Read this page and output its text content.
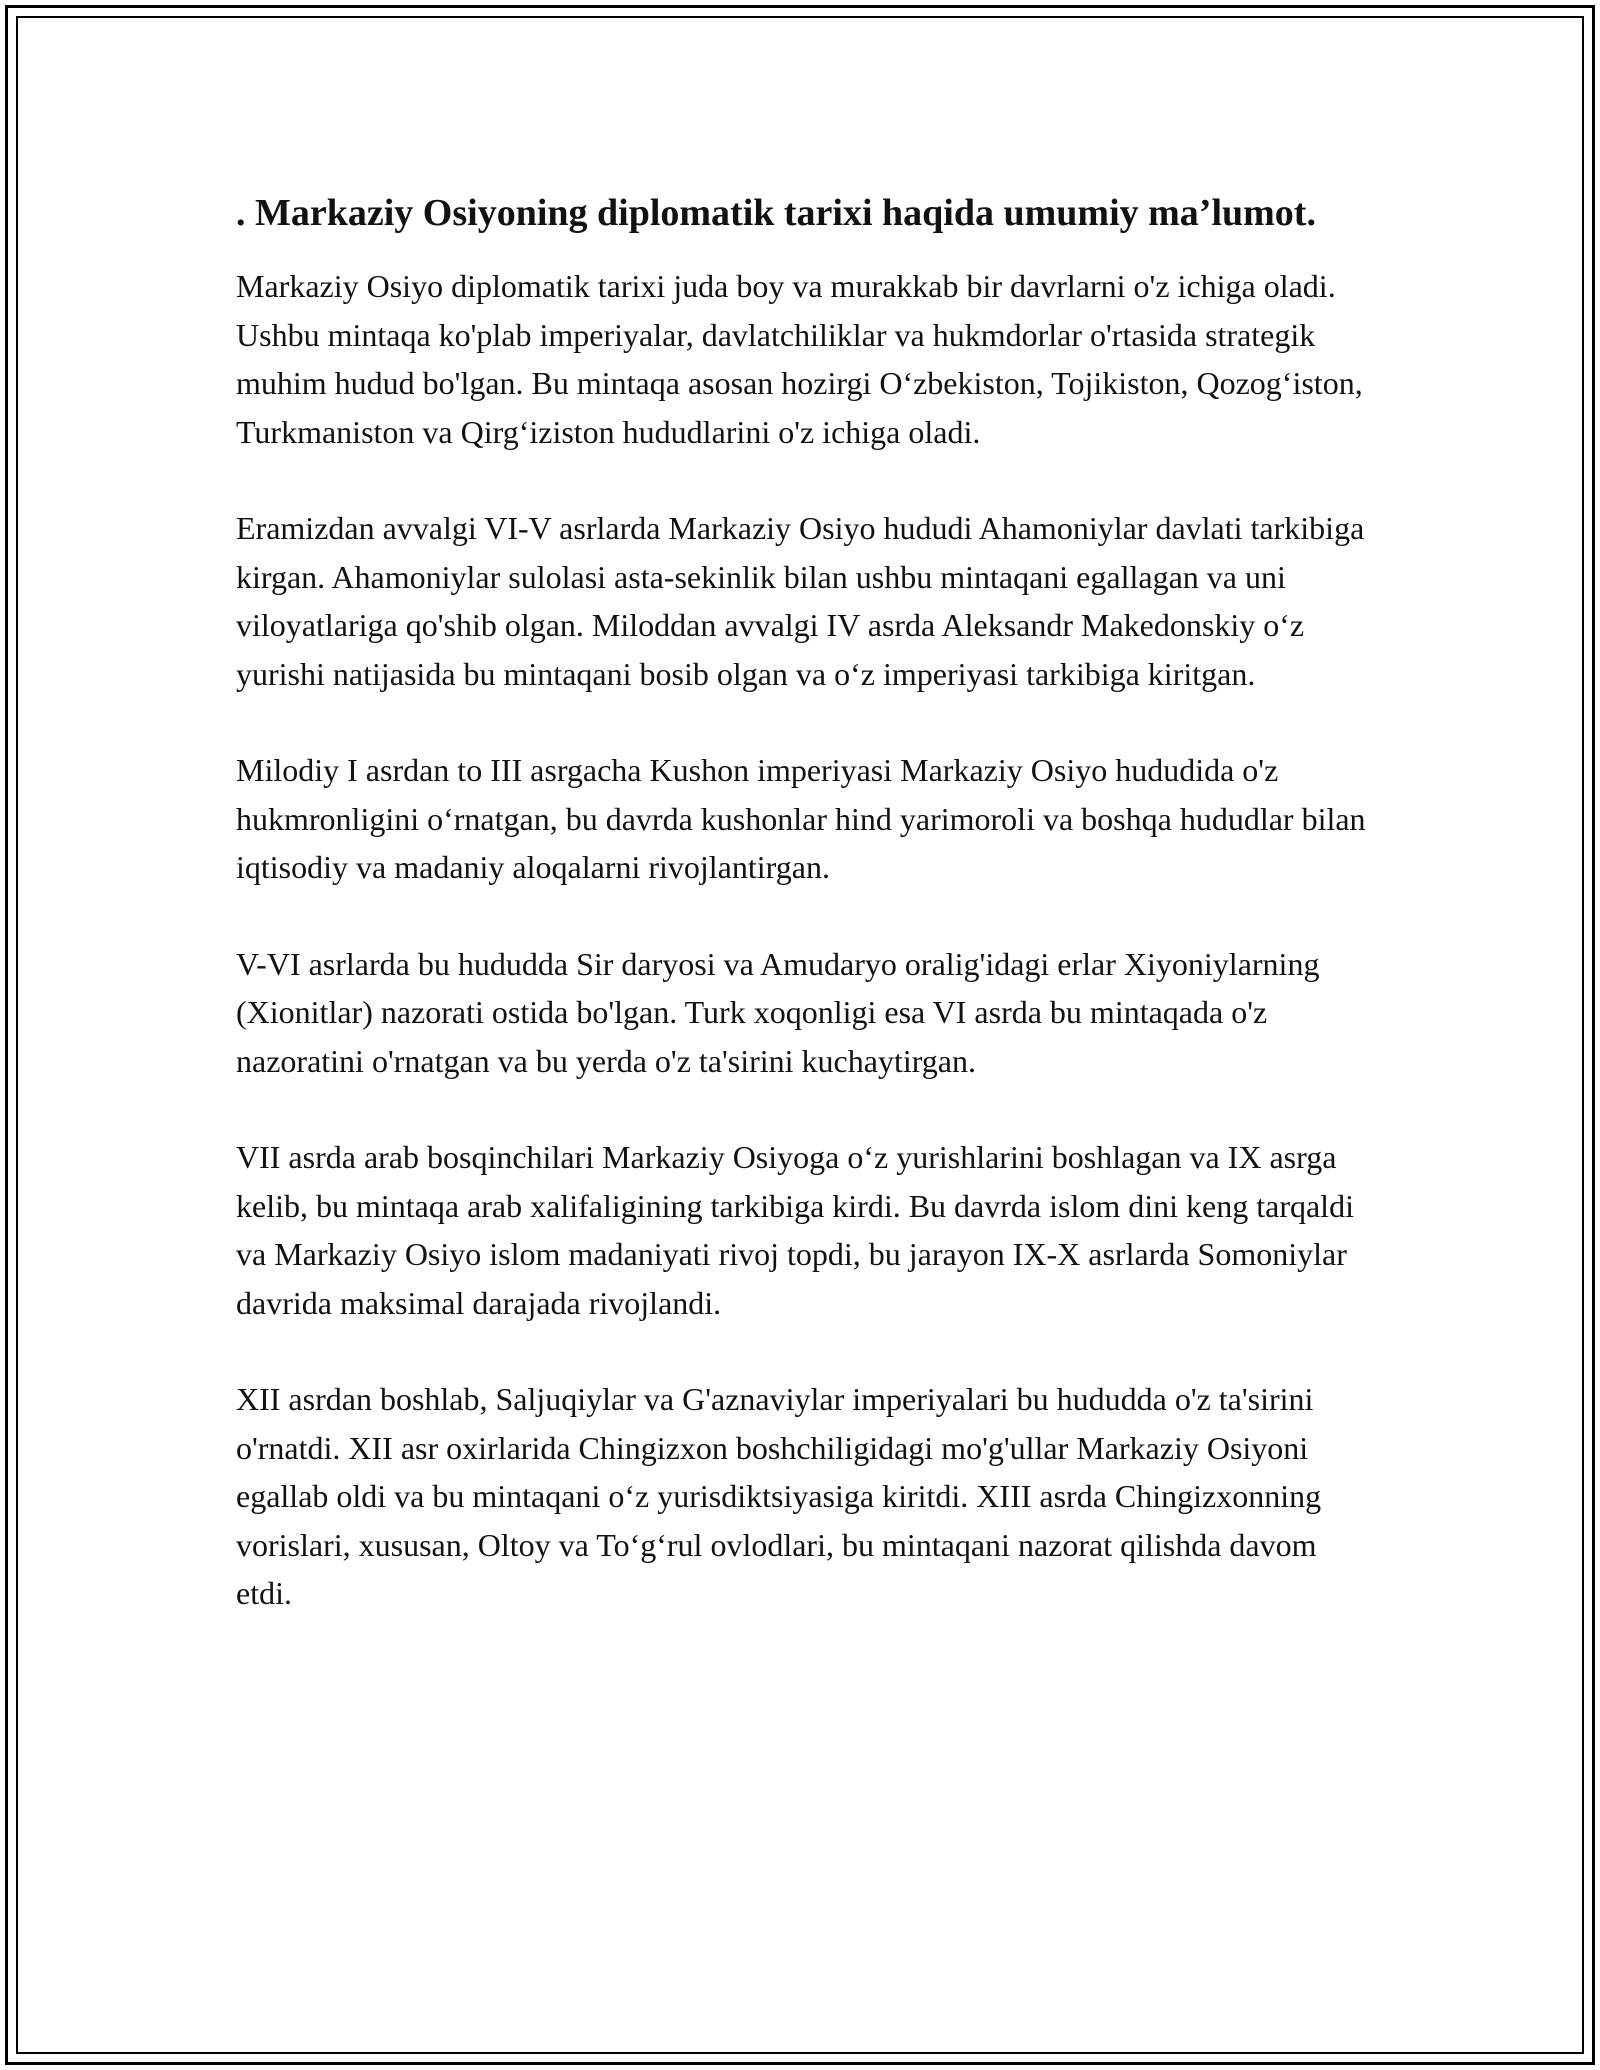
. Markaziy Osiyoning diplomatik tarixi haqida umumiy ma’lumot.

Markaziy Osiyo diplomatik tarixi juda boy va murakkab bir davrlarni o'z ichiga oladi. Ushbu mintaqa ko'plab imperiyalar, davlatchiliklar va hukmdorlar o'rtasida strategik muhim hudud bo'lgan. Bu mintaqa asosan hozirgi O‘zbekiston, Tojikiston, Qozog‘iston, Turkmaniston va Qirg‘iziston hududlarini o'z ichiga oladi.

Eramizdan avvalgi VI-V asrlarda Markaziy Osiyo hududi Ahamoniylar davlati tarkibiga kirgan. Ahamoniylar sulolasi asta-sekinlik bilan ushbu mintaqani egallagan va uni viloyatlariga qo'shib olgan. Miloddan avvalgi IV asrda Aleksandr Makedonskiy o‘z yurishi natijasida bu mintaqani bosib olgan va o‘z imperiyasi tarkibiga kiritgan.

Milodiy I asrdan to III asrgacha Kushon imperiyasi Markaziy Osiyo hududida o'z hukmronligini o‘rnatgan, bu davrda kushonlar hind yarimoroli va boshqa hududlar bilan iqtisodiy va madaniy aloqalarni rivojlantirgan.

V-VI asrlarda bu hududda Sir daryosi va Amudaryo oralig'idagi erlar Xiyoniylarning (Xionitlar) nazorati ostida bo'lgan. Turk xoqonligi esa VI asrda bu mintaqada o'z nazoratini o'rnatgan va bu yerda o'z ta'sirini kuchaytirgan.

VII asrda arab bosqinchilari Markaziy Osiyoga o‘z yurishlarini boshlagan va IX asrga kelib, bu mintaqa arab xalifaligining tarkibiga kirdi. Bu davrda islom dini keng tarqaldi va Markaziy Osiyo islom madaniyati rivoj topdi, bu jarayon IX-X asrlarda Somoniylar davrida maksimal darajada rivojlandi.

XII asrdan boshlab, Saljuqiylar va G'aznaviylar imperiyalari bu hududda o'z ta'sirini o'rnatdi. XII asr oxirlarida Chingizxon boshchiligidagi mo'g'ullar Markaziy Osiyoni egallab oldi va bu mintaqani o‘z yurisdiktsiyasiga kiritdi. XIII asrda Chingizxonning vorislari, xususan, Oltoy va To‘g‘rul ovlodlari, bu mintaqani nazorat qilishda davom etdi.
